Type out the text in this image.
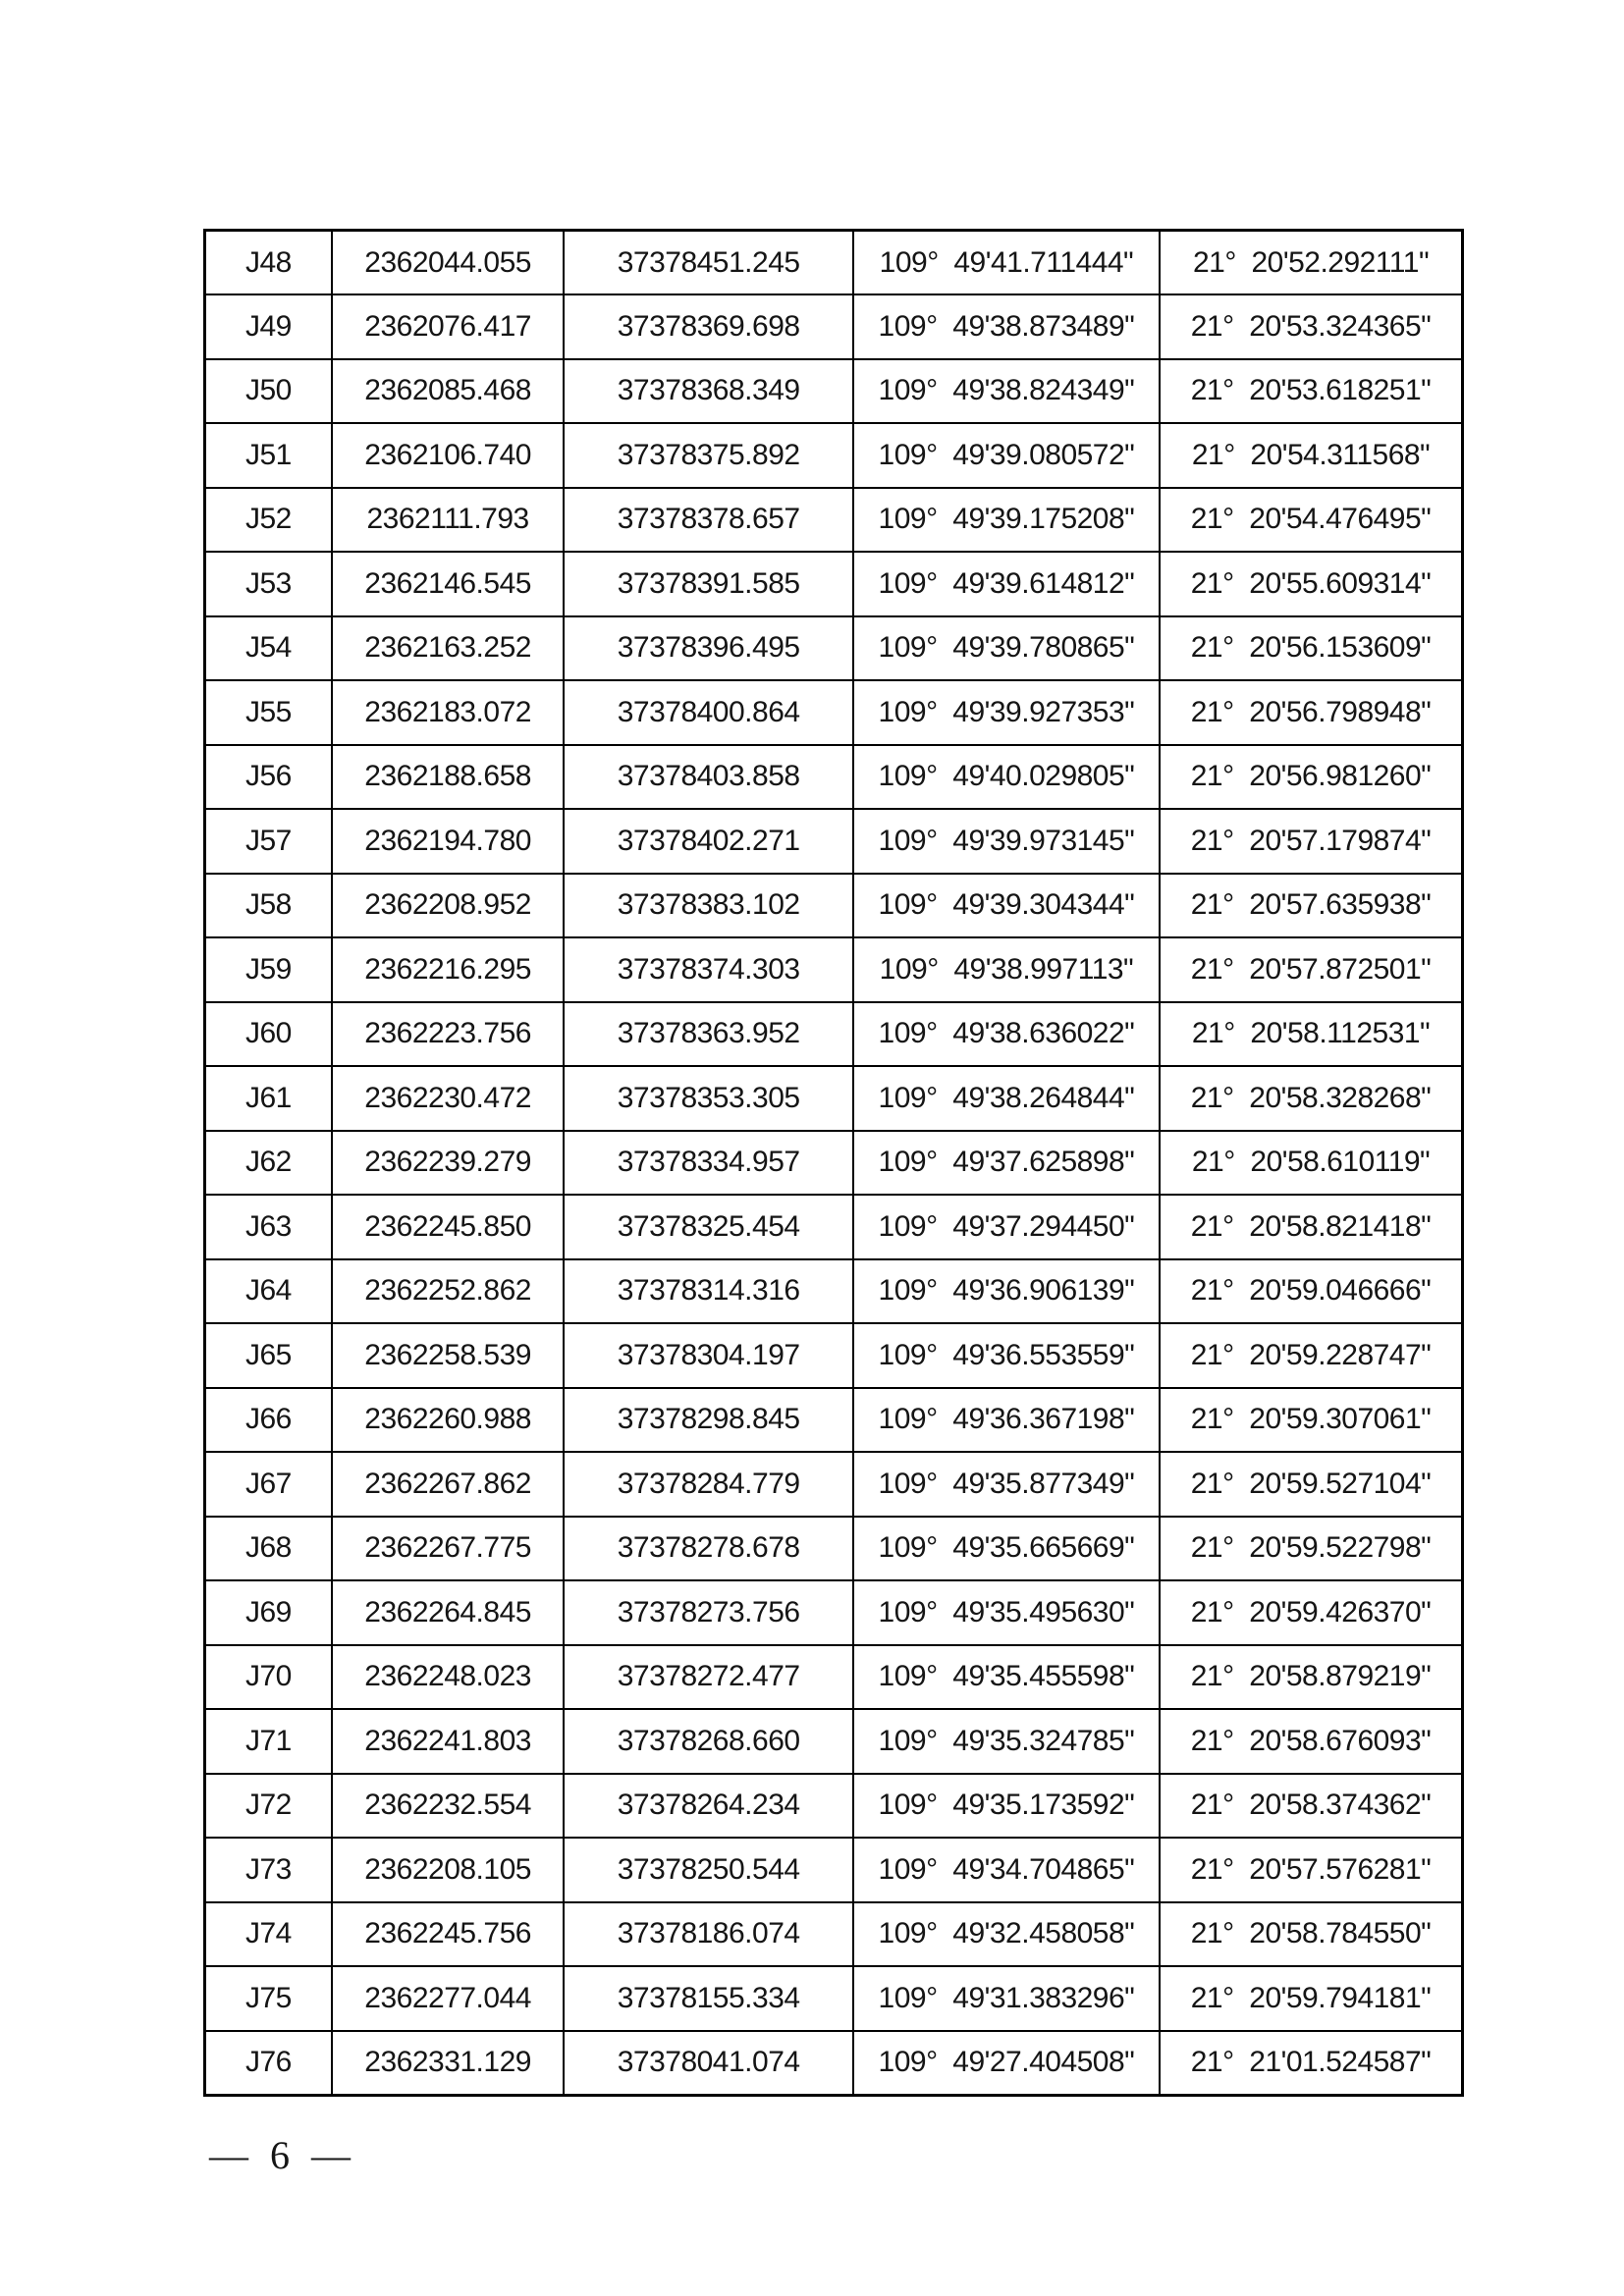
J48	2362044.055	37378451.245	109°  49'41.711444"	21°  20'52.292111"
J49	2362076.417	37378369.698	109°  49'38.873489"	21°  20'53.324365"
J50	2362085.468	37378368.349	109°  49'38.824349"	21°  20'53.618251"
J51	2362106.740	37378375.892	109°  49'39.080572"	21°  20'54.311568"
J52	2362111.793	37378378.657	109°  49'39.175208"	21°  20'54.476495"
J53	2362146.545	37378391.585	109°  49'39.614812"	21°  20'55.609314"
J54	2362163.252	37378396.495	109°  49'39.780865"	21°  20'56.153609"
J55	2362183.072	37378400.864	109°  49'39.927353"	21°  20'56.798948"
J56	2362188.658	37378403.858	109°  49'40.029805"	21°  20'56.981260"
J57	2362194.780	37378402.271	109°  49'39.973145"	21°  20'57.179874"
J58	2362208.952	37378383.102	109°  49'39.304344"	21°  20'57.635938"
J59	2362216.295	37378374.303	109°  49'38.997113"	21°  20'57.872501"
J60	2362223.756	37378363.952	109°  49'38.636022"	21°  20'58.112531"
J61	2362230.472	37378353.305	109°  49'38.264844"	21°  20'58.328268"
J62	2362239.279	37378334.957	109°  49'37.625898"	21°  20'58.610119"
J63	2362245.850	37378325.454	109°  49'37.294450"	21°  20'58.821418"
J64	2362252.862	37378314.316	109°  49'36.906139"	21°  20'59.046666"
J65	2362258.539	37378304.197	109°  49'36.553559"	21°  20'59.228747"
J66	2362260.988	37378298.845	109°  49'36.367198"	21°  20'59.307061"
J67	2362267.862	37378284.779	109°  49'35.877349"	21°  20'59.527104"
J68	2362267.775	37378278.678	109°  49'35.665669"	21°  20'59.522798"
J69	2362264.845	37378273.756	109°  49'35.495630"	21°  20'59.426370"
J70	2362248.023	37378272.477	109°  49'35.455598"	21°  20'58.879219"
J71	2362241.803	37378268.660	109°  49'35.324785"	21°  20'58.676093"
J72	2362232.554	37378264.234	109°  49'35.173592"	21°  20'58.374362"
J73	2362208.105	37378250.544	109°  49'34.704865"	21°  20'57.576281"
J74	2362245.756	37378186.074	109°  49'32.458058"	21°  20'58.784550"
J75	2362277.044	37378155.334	109°  49'31.383296"	21°  20'59.794181"
J76	2362331.129	37378041.074	109°  49'27.404508"	21°  21'01.524587"
— 6 —
